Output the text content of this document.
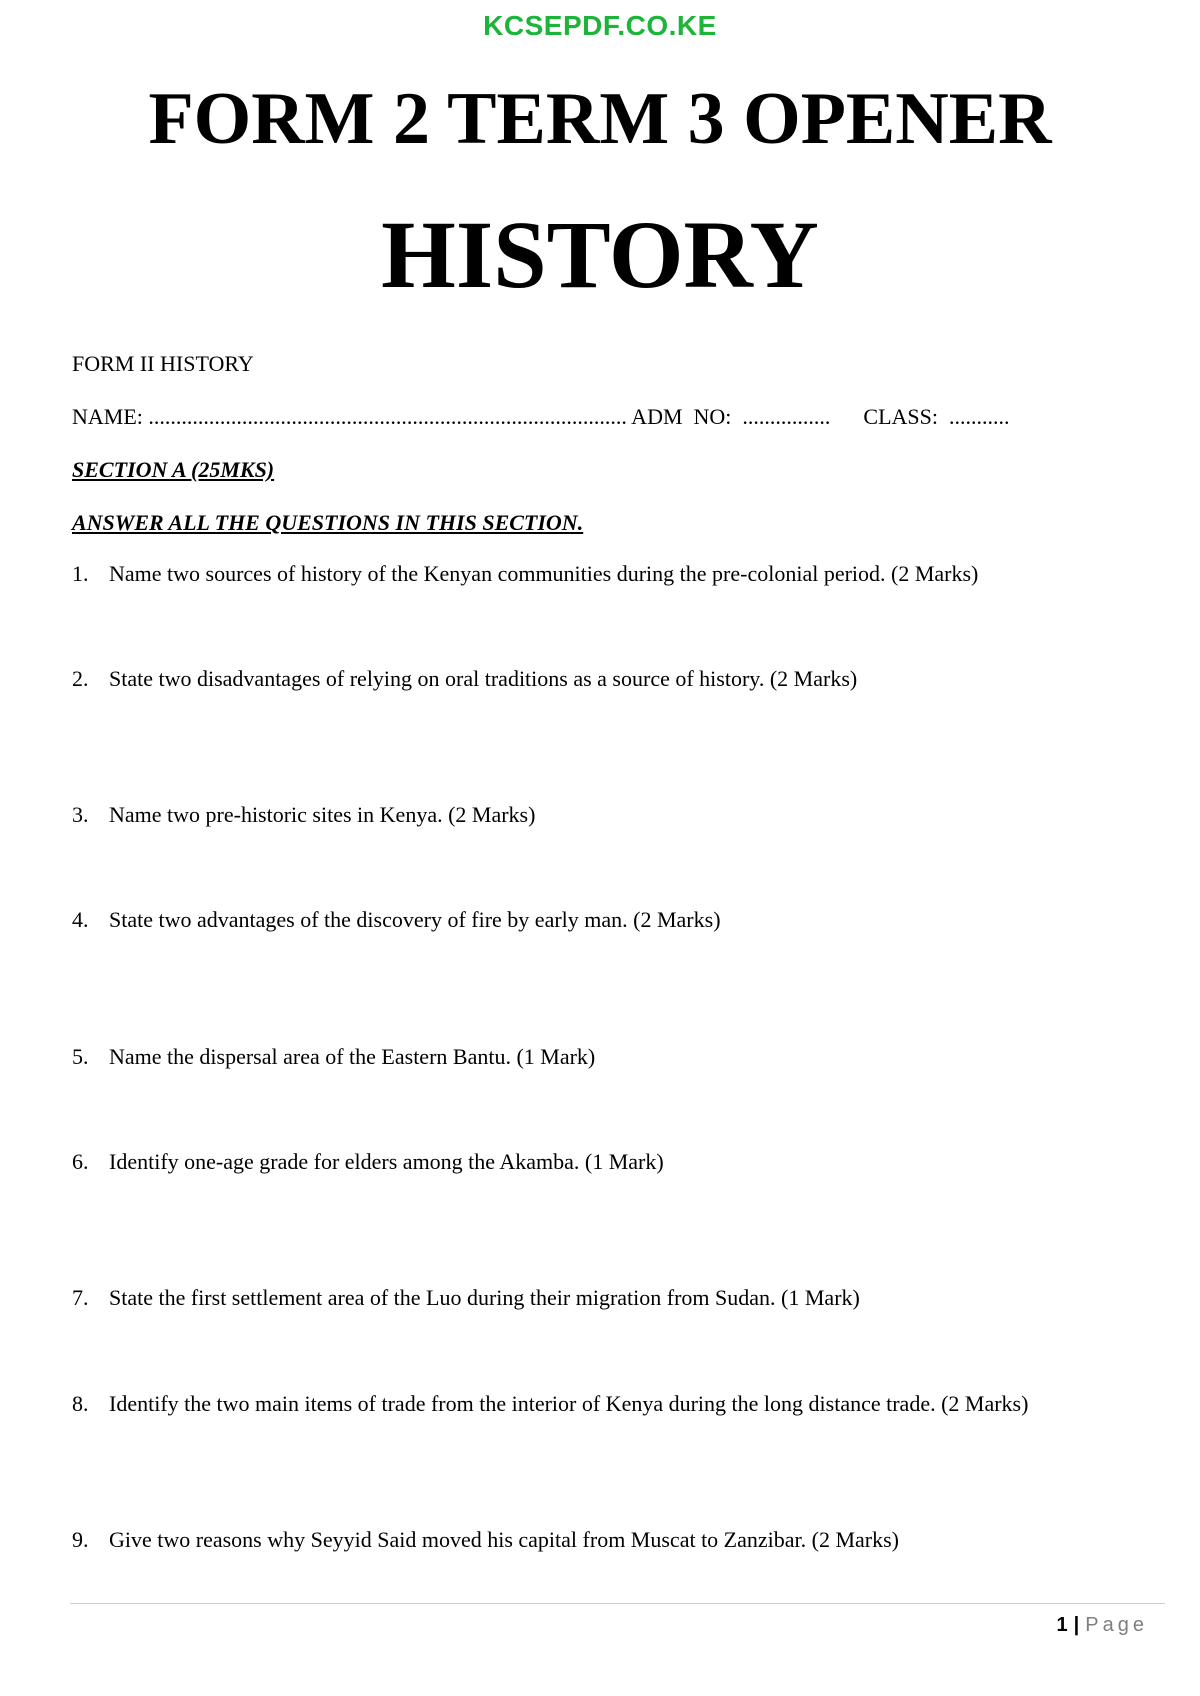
KCSEPDF.CO.KE
FORM 2 TERM 3 OPENER
HISTORY
FORM II HISTORY
NAME: ....................................................................................... ADM  NO:  ................      CLASS:  ...........
SECTION A (25MKS)
ANSWER ALL THE QUESTIONS IN THIS SECTION.
1. Name two sources of history of the Kenyan communities during the pre-colonial period. (2 Marks)
2. State two disadvantages of relying on oral traditions as a source of history. (2 Marks)
3. Name two pre-historic sites in Kenya. (2 Marks)
4. State two advantages of the discovery of fire by early man. (2 Marks)
5. Name the dispersal area of the Eastern Bantu. (1 Mark)
6. Identify one-age grade for elders among the Akamba. (1 Mark)
7. State the first settlement area of the Luo during their migration from Sudan. (1 Mark)
8. Identify the two main items of trade from the interior of Kenya during the long distance trade. (2 Marks)
9. Give two reasons why Seyyid Said moved his capital from Muscat to Zanzibar. (2 Marks)
1 | Page
